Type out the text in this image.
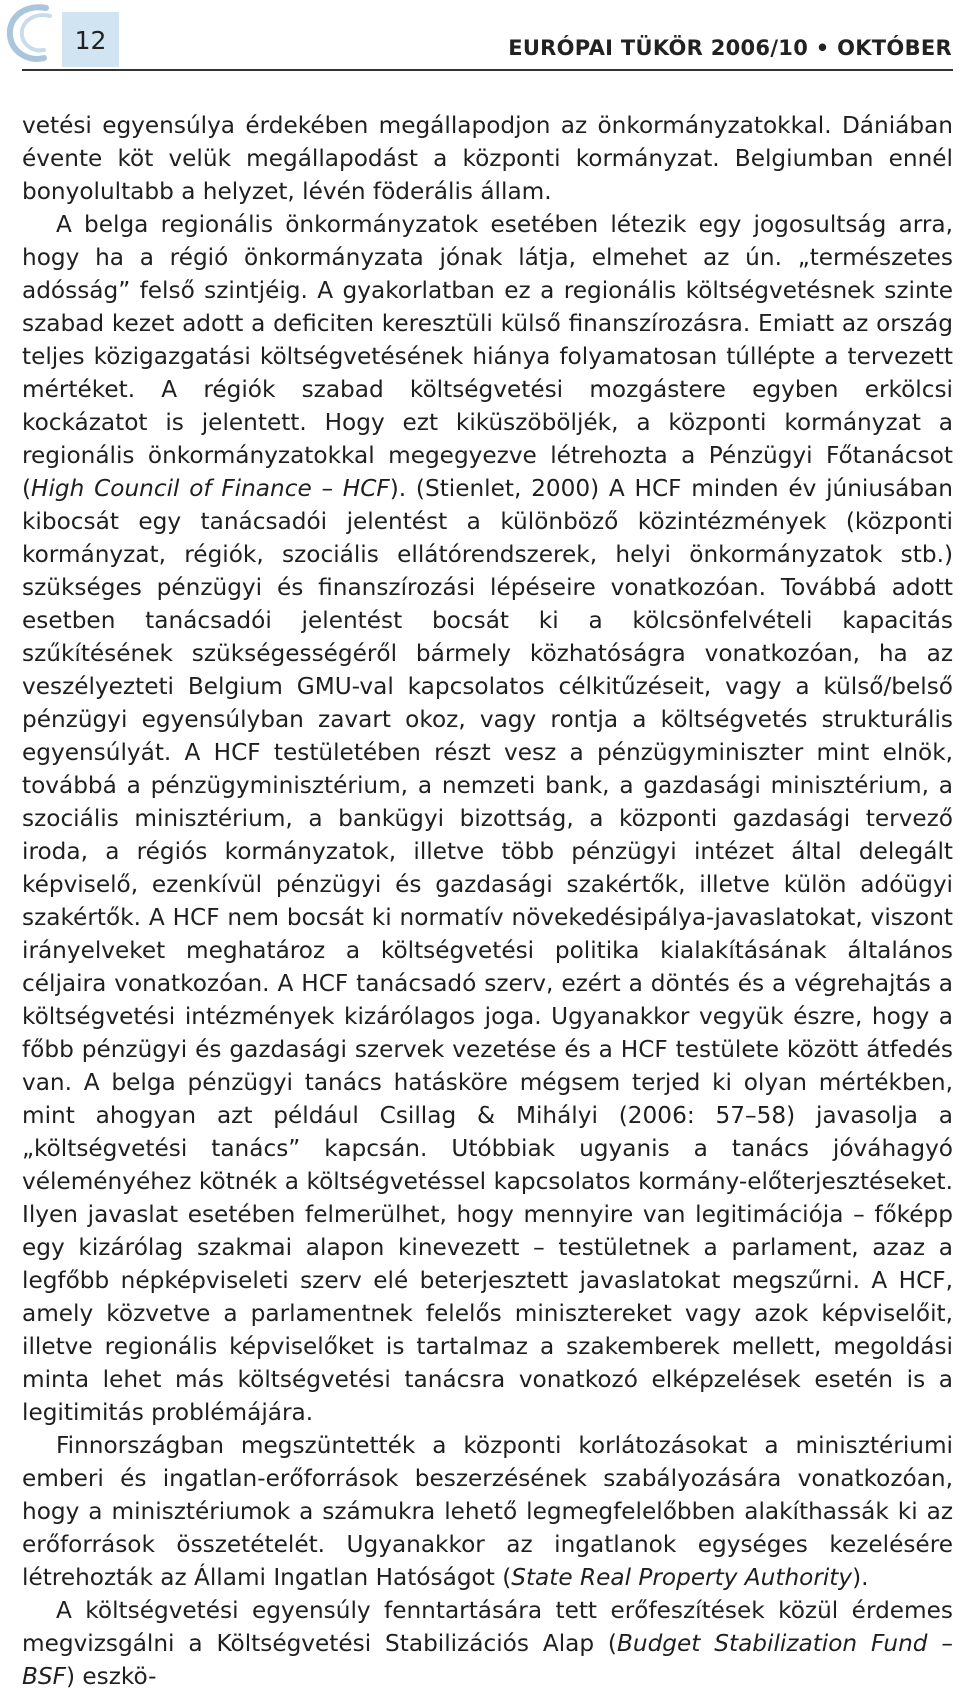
12	EURÓPAI TÜKÖR 2006/10 • OKTÓBER

vetési egyensúlya érdekében megállapodjon az önkormányzatokkal. Dániában évente köt velük megállapodást a központi kormányzat. Belgiumban ennél bonyolultabb a helyzet, lévén föderális állam.

A belga regionális önkormányzatok esetében létezik egy jogosultság arra, hogy ha a régió önkormányzata jónak látja, elmehet az ún. „természetes adósság” felső szintjéig. A gyakorlatban ez a regionális költségvetésnek szinte szabad kezet adott a deficiten keresztüli külső finanszírozásra. Emiatt az ország teljes közigazgatási költségvetésének hiánya folyamatosan túllépte a tervezett mértéket. A régiók szabad költségvetési mozgástere egyben erkölcsi kockázatot is jelentett. Hogy ezt kiküszöböljék, a központi kormányzat a regionális önkormányzatokkal megegyezve létrehozta a Pénzügyi Főtanácsot (High Council of Finance – HCF). (Stienlet, 2000) A HCF minden év júniusában kibocsát egy tanácsadói jelentést a különböző közintézmények (központi kormányzat, régiók, szociális ellátórendszerek, helyi önkormányzatok stb.) szükséges pénzügyi és finanszírozási lépéseire vonatkozóan. Továbbá adott esetben tanácsadói jelentést bocsát ki a kölcsönfelvételi kapacitás szűkítésének szükségességéről bármely közhatóságra vonatkozóan, ha az veszélyezteti Belgium GMU-val kapcsolatos célkitűzéseit, vagy a külső/belső pénzügyi egyensúlyban zavart okoz, vagy rontja a költségvetés strukturális egyensúlyát. A HCF testületében részt vesz a pénzügyminiszter mint elnök, továbbá a pénzügyminisztérium, a nemzeti bank, a gazdasági minisztérium, a szociális minisztérium, a bankügyi bizottság, a központi gazdasági tervező iroda, a régiós kormányzatok, illetve több pénzügyi intézet által delegált képviselő, ezenkívül pénzügyi és gazdasági szakértők, illetve külön adóügyi szakértők. A HCF nem bocsát ki normatív növekedésipálya-javaslatokat, viszont irányelveket meghatároz a költségvetési politika kialakításának általános céljaira vonatkozóan. A HCF tanácsadó szerv, ezért a döntés és a végrehajtás a költségvetési intézmények kizárólagos joga. Ugyanakkor vegyük észre, hogy a főbb pénzügyi és gazdasági szervek vezetése és a HCF testülete között átfedés van. A belga pénzügyi tanács hatásköre mégsem terjed ki olyan mértékben, mint ahogyan azt például Csillag & Mihályi (2006: 57–58) javasolja a „költségvetési tanács” kapcsán. Utóbbiak ugyanis a tanács jóváhagyó véleményéhez kötnék a költségvetéssel kapcsolatos kormány-előterjesztéseket. Ilyen javaslat esetében felmerülhet, hogy mennyire van legitimációja – főképp egy kizárólag szakmai alapon kinevezett – testületnek a parlament, azaz a legfőbb népképviseleti szerv elé beterjesztett javaslatokat megszűrni. A HCF, amely közvetve a parlamentnek felelős minisztereket vagy azok képviselőit, illetve regionális képviselőket is tartalmaz a szakemberek mellett, megoldási minta lehet más költségvetési tanácsra vonatkozó elképzelések esetén is a legitimitás problémájára.

Finnországban megszüntették a központi korlátozásokat a minisztériumi emberi és ingatlan-erőforrások beszerzésének szabályozására vonatkozóan, hogy a minisztériumok a számukra lehető legmegfelelőbben alakíthassák ki az erőforrások összetételét. Ugyanakkor az ingatlanok egységes kezelésére létrehozták az Állami Ingatlan Hatóságot (State Real Property Authority).

A költségvetési egyensúly fenntartására tett erőfeszítések közül érdemes megvizsgálni a Költségvetési Stabilizációs Alap (Budget Stabilization Fund – BSF) eszkö-
